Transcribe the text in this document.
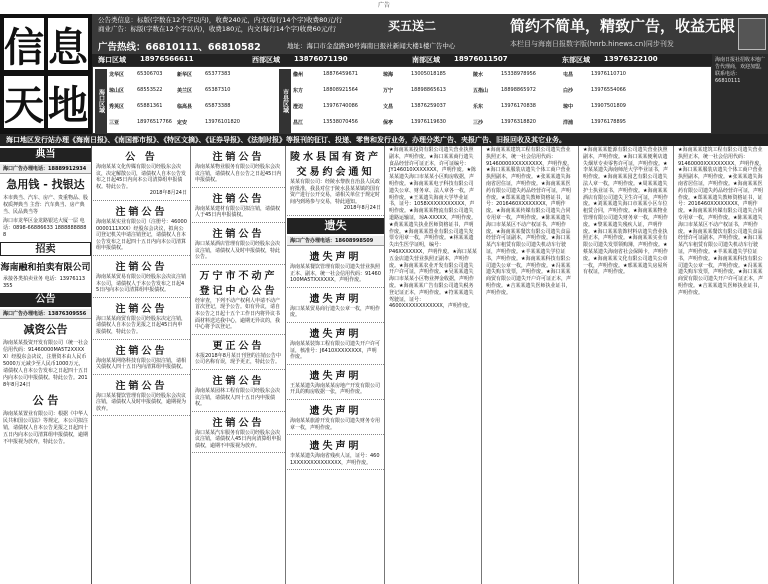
广告
信 息
天 地
公告类信息：标版(字数在12个字以内)，收费240元，内文(每行14个字)收费80元/行
商业广告：标版(字数在12个字以内)，收费180元，内文(每行14个字)收费60元/行
广告热线：66810111、66810582	地址：海口市金盘路30号海南日报社新闻大楼1楼广告中心
买五送二	简约不简单，精致广告，收益无限
本栏目与海南日报数字版(hnrb.hinews.cn)同步刊发
海口区域 18976566611	西部区域 13876071190	南部区域 18976011507	东部区域 13976322100
海口区域	市县区域
龙华区	65306703	新华区	65377383	儋州	18876459671	琼海	13005018185	陵水	15338978956	屯昌	13976110710
琼山区	68553522	美兰区	65387310	东方	18808921564	万宁	18898865613	五指山	18898865972	白沙	13976554066
秀英区	65881361	临高县	65873388	澄迈	13976740086	文昌	13876259037	乐东	13976170838	琼中	13907501809
三亚	18976517766 定安	13976101820	昌江	13538070456	保亭	13976119630	三沙	13976318820	洋浦	13976178895
海南日报社招收本地广告代理商，欢迎加盟，联系电话：66810111
海口地区发行站办理《海南日报》、《南国都市报》、《特区文摘》、《证券导报》、《法制时报》等报刊的征订、投递、零售和发行业务，办理分类广告、夹报广告、旧报回收及其它业务。
典当
海口广告办理电话：18889912934
急用钱 - 找银达
本市典当、汽车、房产、贵重物品、股权质押典当 主营：汽车典当、房产典当、民品典当等
海口市龙华区金龙路银达大厦一层 电话：0898-66886633 18888888888
招卖
海南融和拍卖有限公司
承接各类拍卖业务 电话：13976113355
公告
海口广告办理电话：13876309556
减资公告
海南某某投资开发有限公司（统一社会信用代码：91460000MA5T2XXXXX）经股东会决议，注册资本由人民币5000万元减少至人民币1000万元，请债权人自本公告发布之日起四十五日内向本公司申报债权。特此公告。2018年8月24日
公 告
海南某某置业有限公司：根据《中华人民共和国公司法》等规定，本公司拟注销，请债权人自本公告见报之日起四十五日内向本公司清算组申报债权，逾期不申报视为放弃，特此公告。
公 告

海南某某文化传媒有限公司经股东会决议，决定解散公司，请债权人自本公告发布之日起45日内向本公司清算组申报债权。特此公告。

2018年8月24日

注销公告

海南某某实业有限公司（注册号：460000000111XXX）经股东会决议，拟向公司登记机关申请注销登记，请债权人自本公告发布之日起四十五日内向本公司清算组申报债权。

注销公告

海南某某贸易有限公司经股东会决议注销本公司，请债权人于本公告发布之日起45日内向本公司清算组申报债权。

注销公告

海口某某商贸有限公司经股东决定注销，请债权人自本公告见报之日起45日内申报债权，特此公告。

注销公告

海南某某网络科技有限公司拟注销，请相关债权人四十五日内向清算组申报债权。

注销公告

海口某某餐饮管理有限公司经股东会决议注销，请债权人及时申报债权，逾期视为放弃。

注销公告

海南某某物业服务有限公司经股东会决议注销，请债权人自公告之日起45日内申报债权。

注销公告

海南某某建材有限公司拟注销，请债权人于45日内申报债权。

注销公告

海口某某酒店管理有限公司经股东会决议注销，请债权人及时申报债权，特此公告。

万宁市不动产登记中心公告

经审查，下列不动产权利人申请不动产首次登记，现予公告。如有异议，请自本公告之日起十五个工作日内将异议书面材料送达我中心，逾期无异议的，我中心将予以登记。

更正公告

本报2018年8月某日刊登的注销公告中公司名称有误，现予更正，特此公告。

注销公告

海南某某园林工程有限公司经股东会决议注销，请债权人四十五日内申报债权。

注销公告

海口某某汽车服务有限公司经股东会决议注销，请债权人45日内向清算组申报债权，逾期不申报视为放弃。

陵水县国有资产交易约会通知

某某有限公司：经陵水黎族自治县人民政府批准，我县对位于陵水县某某镇的国有资产进行公开交易，请相关单位于规定时间内到场参与交易，特此通知。

2018年8月24日

遗失
海口广告办理电话：18608998509
遗失声明

海南某某餐饮管理有限公司遗失营业执照正本、副本，统一社会信用代码：91460100MA5TXXXXXX，声明作废。

遗失声明

海口某某贸易商行遗失公章一枚，声明作废。

遗失声明

海南某某装饰工程有限公司遗失开户许可证，核准号：J6410XXXXXXXX，声明作废。

遗失声明

王某某遗失海南某某房地产开发有限公司开具的购房收据一张，声明作废。

遗失声明

海南某某旅游开发有限公司遗失财务专用章一枚，声明作废。

遗失声明

李某某遗失海南省残疾人证，证号：4601XXXXXXXXXXXXXX，声明作废。

★海南某某投资有限公司遗失营业执照副本，声明作废。★海口某某商行遗失食品经营许可证正本，许可证编号：JY146010XXXXXXX，声明作废。★陈某某遗失海口市某某小区购房收据，声明作废。★海南某某电子科技有限公司遗失公章、财务章、法人章各一枚，声明作废。★王某遗失海南大学毕业证书，证号：1058XXXXXXXXXXX，声明作废。★海南某某物流有限公司遗失道路运输证，琼A·XXXXX，声明作废。★黄某某遗失执业医师资格证书，声明作废。★海南某某置业有限公司遗失发票专用章一枚，声明作废。★林某某遗失出生医学证明，编号：P46XXXXXXX，声明作废。★海口某某五金店遗失营业执照正副本，声明作废。★海南某某农业开发有限公司遗失开户许可证，声明作废。★吴某某遗失海口市某某小区物业押金收据，声明作废。★海南某某广告有限公司遗失税务登记证正本，声明作废。★符某某遗失驾驶证，证号：4600XXXXXXXXXXXX，声明作废。
★海南某某建筑工程有限公司遗失营业执照正本，统一社会信用代码：91460000XXXXXXXXX，声明作废。★海口某某服装店遗失个体工商户营业执照副本，声明作废。★张某某遗失海南省居住证，声明作废。★海南某某医药有限公司遗失药品经营许可证，声明作废。★郑某某遗失教师资格证书，证号：2016460XXXXXXXX，声明作废。★海南某某传媒有限公司遗失合同专用章一枚，声明作废。★陈某某遗失海口市某某区不动产权证书，声明作废。★海南某某餐饮有限公司遗失食品经营许可证副本，声明作废。★海口某某汽车租赁有限公司遗失机动车行驶证，声明作废。★羊某某遗失学位证书，声明作废。★海南某某科技有限公司遗失公章一枚，声明作废。★冯某某遗失购车发票，声明作废。★海口某某商贸有限公司遗失开户许可证正本，声明作废。★吉某某遗失医师执业证书，声明作废。
★海南某某能源有限公司遗失营业执照副本，声明作废。★海口某某便利店遗失烟草专卖零售许可证，声明作废。★李某某遗失海南师范大学毕业证书，声明作废。★海南某某园艺有限公司遗失法人章一枚，声明作废。★周某某遗失护士执业证书，声明作废。★海南某某酒店有限公司遗失卫生许可证，声明作废。★刘某某遗失海口市某某小区车位租赁合同，声明作废。★海南某某物业管理有限公司遗失财务章一枚，声明作废。★黎某某遗失残疾人证，声明作废。★海口某某装饰材料店遗失营业执照正本，声明作废。★海南某某实业有限公司遗失发票领购簿，声明作废。★蔡某某遗失海南省社会保障卡，声明作废。★海南某某文化有限公司遗失公章一枚，声明作废。★邢某某遗失房屋所有权证，声明作废。
★海南某某建筑工程有限公司遗失营业执照正本，统一社会信用代码：91460000XXXXXXXXX，声明作废。★海口某某服装店遗失个体工商户营业执照副本，声明作废。★张某某遗失海南省居住证，声明作废。★海南某某医药有限公司遗失药品经营许可证，声明作废。★郑某某遗失教师资格证书，证号：2016460XXXXXXXX，声明作废。★海南某某传媒有限公司遗失合同专用章一枚，声明作废。★陈某某遗失海口市某某区不动产权证书，声明作废。★海南某某餐饮有限公司遗失食品经营许可证副本，声明作废。★海口某某汽车租赁有限公司遗失机动车行驶证，声明作废。★羊某某遗失学位证书，声明作废。★海南某某科技有限公司遗失公章一枚，声明作废。★冯某某遗失购车发票，声明作废。★海口某某商贸有限公司遗失开户许可证正本，声明作废。★吉某某遗失医师执业证书，声明作废。
